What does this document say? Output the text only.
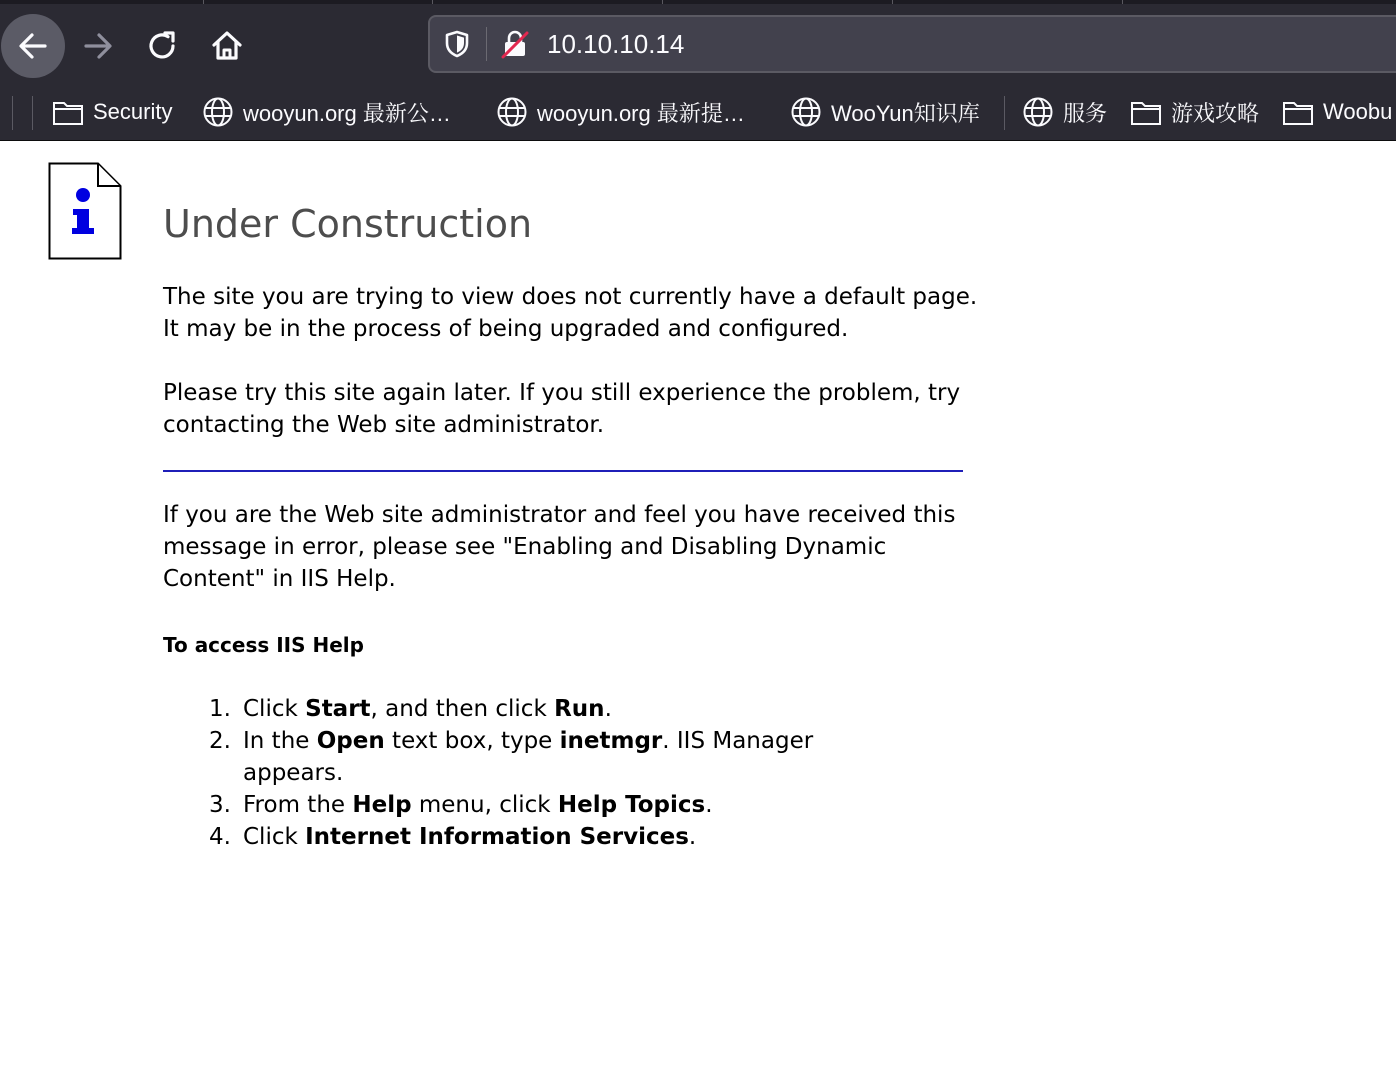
10.10.10.14
Security	wooyun.org 最新公…	wooyun.org 最新提…	WooYun知识库	服务	游戏攻略	Woobu
Under Construction

The site you are trying to view does not currently have a default page. It may be in the process of being upgraded and configured.

Please try this site again later. If you still experience the problem, try contacting the Web site administrator.

If you are the Web site administrator and feel you have received this message in error, please see "Enabling and Disabling Dynamic Content" in IIS Help.

To access IIS Help
1. Click Start, and then click Run.
2. In the Open text box, type inetmgr. IIS Manager appears.
3. From the Help menu, click Help Topics.
4. Click Internet Information Services.
